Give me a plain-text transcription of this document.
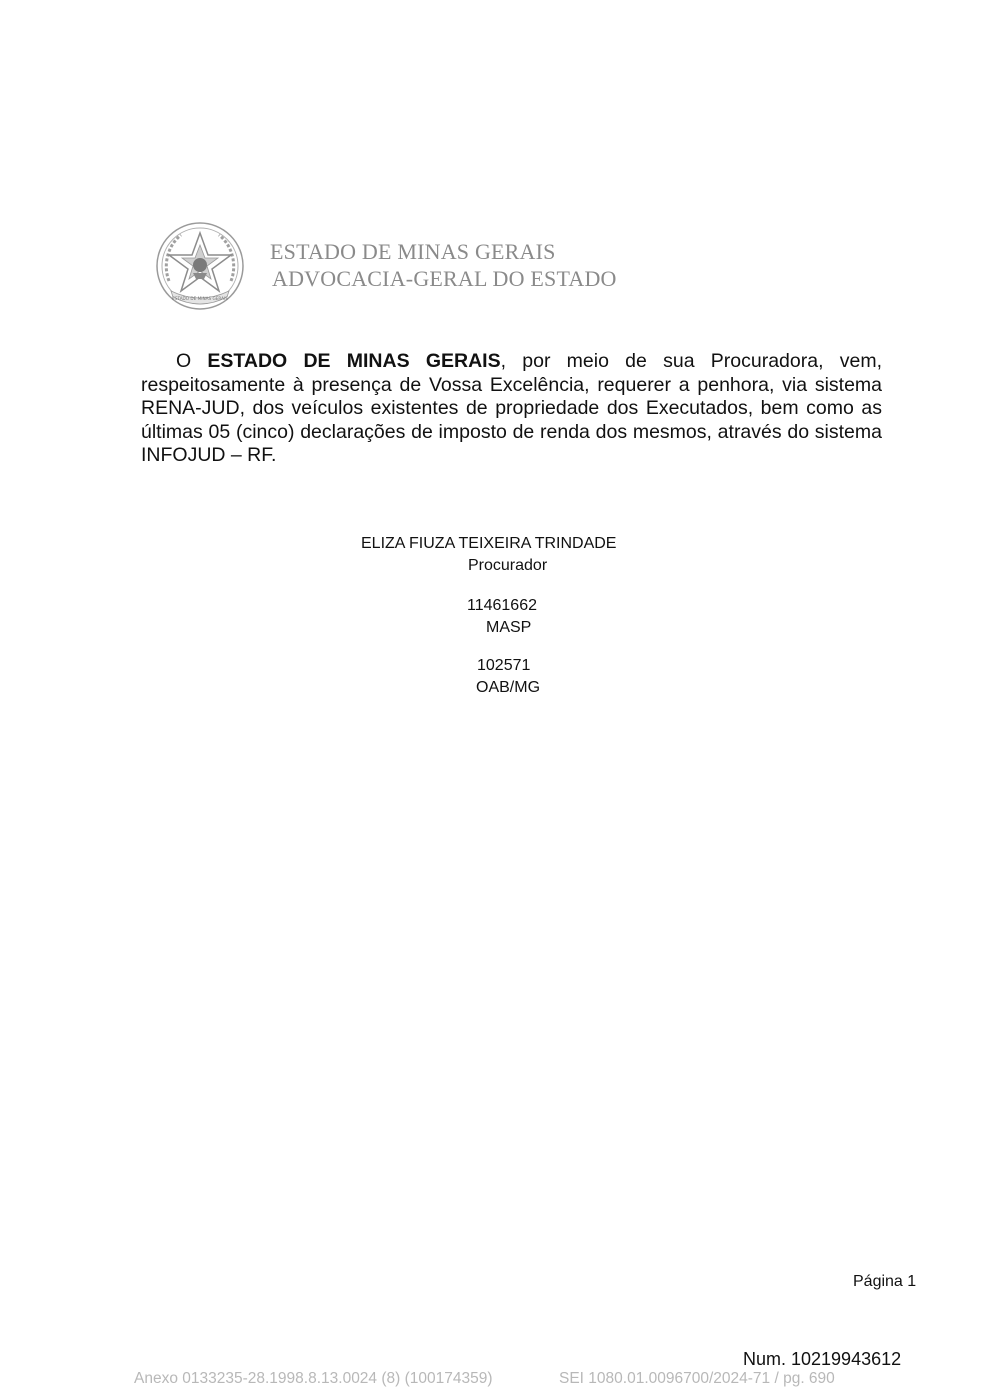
ESTADO DE MINAS GERAIS
ESTADO DE MINAS GERAIS
ADVOCACIA-GERAL DO ESTADO
O ESTADO DE MINAS GERAIS, por meio de sua Procuradora, vem, respeitosamente à presença de Vossa Excelência, requerer a penhora, via sistema RENA-JUD, dos veículos existentes de propriedade dos Executados, bem como as últimas 05 (cinco) declarações de imposto de renda dos mesmos, através do sistema INFOJUD – RF.
ELIZA FIUZA TEIXEIRA TRINDADE
Procurador
11461662
MASP
102571
OAB/MG
Página 1
Num. 10219943612
Anexo 0133235-28.1998.8.13.0024 (8) (100174359)	SEI 1080.01.0096700/2024-71 / pg. 690
